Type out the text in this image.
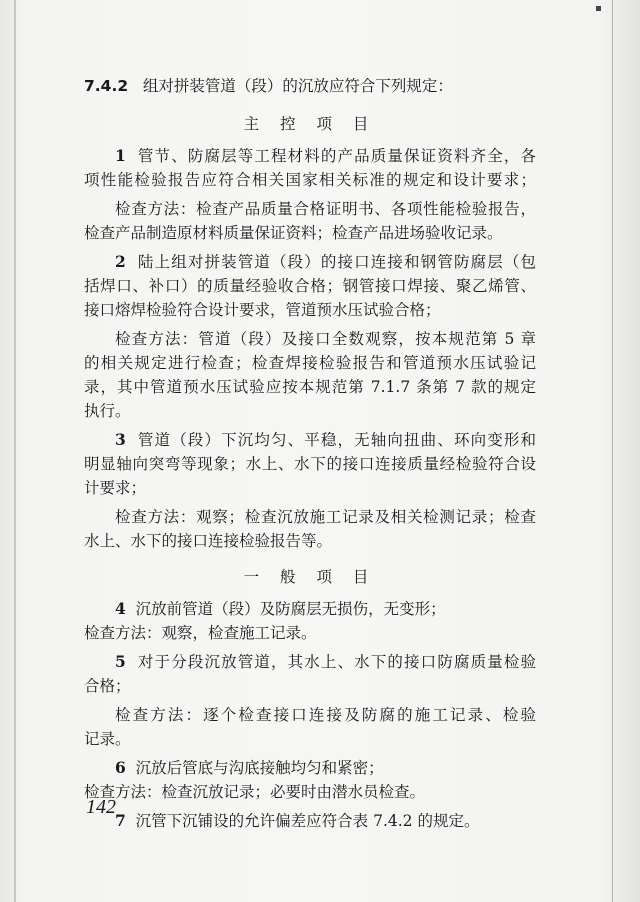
7.4.2 组对拼装管道（段）的沉放应符合下列规定：
主 控 项 目
1 管节、防腐层等工程材料的产品质量保证资料齐全，各
项性能检验报告应符合相关国家相关标准的规定和设计要求；
检查方法：检查产品质量合格证明书、各项性能检验报告，
检查产品制造原材料质量保证资料；检查产品进场验收记录。
2 陆上组对拼装管道（段）的接口连接和钢管防腐层（包
括焊口、补口）的质量经验收合格；钢管接口焊接、聚乙烯管、
接口熔焊检验符合设计要求，管道预水压试验合格；
检查方法：管道（段）及接口全数观察，按本规范第 5 章
的相关规定进行检查；检查焊接检验报告和管道预水压试验记
录，其中管道预水压试验应按本规范第 7.1.7 条第 7 款的规定
执行。
3 管道（段）下沉均匀、平稳，无轴向扭曲、环向变形和
明显轴向突弯等现象；水上、水下的接口连接质量经检验符合设
计要求；
检查方法：观察；检查沉放施工记录及相关检测记录；检查
水上、水下的接口连接检验报告等。
一 般 项 目
4 沉放前管道（段）及防腐层无损伤，无变形；
检查方法：观察，检查施工记录。
5 对于分段沉放管道，其水上、水下的接口防腐质量检验
合格；
检查方法：逐个检查接口连接及防腐的施工记录、检验
记录。
6 沉放后管底与沟底接触均匀和紧密；
检查方法：检查沉放记录；必要时由潜水员检查。
7 沉管下沉铺设的允许偏差应符合表 7.4.2 的规定。
142
